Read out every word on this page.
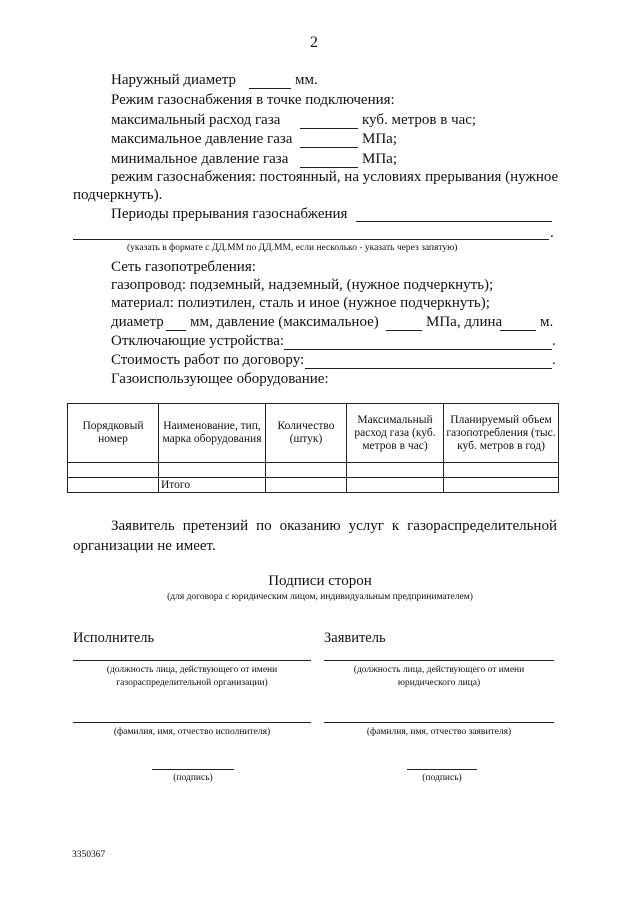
2
Наружный диаметр	мм.
Режим газоснабжения в точке подключения:
максимальный расход газа	куб. метров в час;
максимальное давление газа	МПа;
минимальное давление газа	МПа;
режим газоснабжения: постоянный, на условиях прерывания (нужное
подчеркнуть).
Периоды прерывания газоснабжения
.
(указать в формате с ДД.ММ по ДД.ММ, если несколько - указать через запятую)
Сеть газопотребления:
газопровод: подземный, надземный, (нужное подчеркнуть);
материал: полиэтилен, сталь и иное (нужное подчеркнуть);
диаметр мм, давление (максимальное)	МПа, длина	м.
Отключающие устройства:	.
Стоимость работ по договору:	.
Газоиспользующее оборудование:
Порядковый номер	Наименование, тип, марка оборудования	Количество (штук)	Максимальный расход газа (куб. метров в час)	Планируемый объем газопотребления (тыс. куб. метров в год)

	Итого			
Заявитель претензий по оказанию услуг к газораспределительной
организации не имеет.
Подписи сторон
(для договора с юридическим лицом, индивидуальным предпринимателем)
Исполнитель	Заявитель
(должность лица, действующего от имени
газораспределительной организации)
(должность лица, действующего от имени
юридического лица)
(фамилия, имя, отчество исполнителя)	(фамилия, имя, отчество заявителя)
(подпись)	(подпись)
3350367
